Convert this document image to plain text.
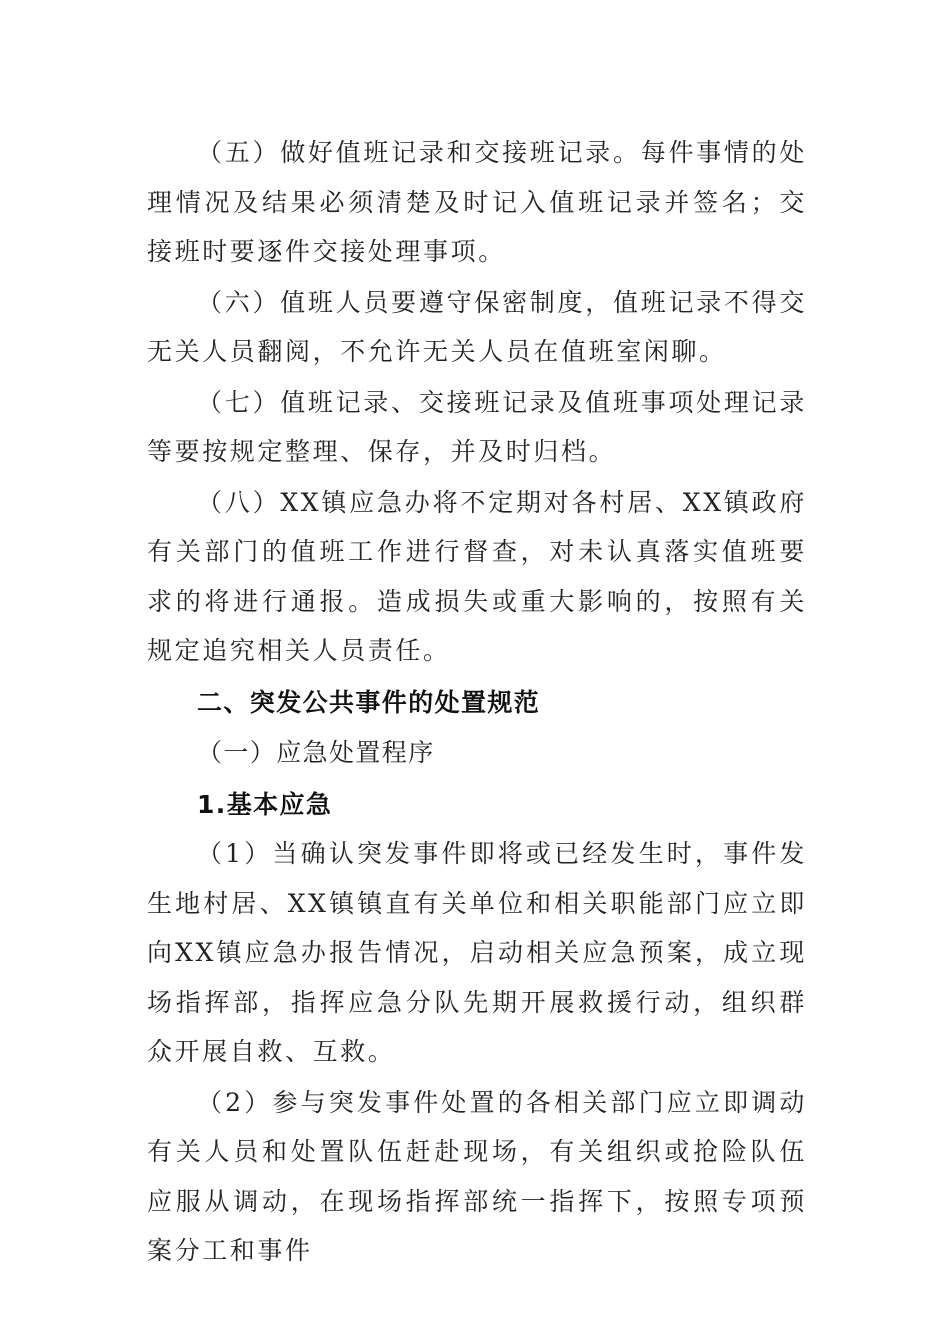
（五）做好值班记录和交接班记录。每件事情的处理情况及结果必须清楚及时记入值班记录并签名；交接班时要逐件交接处理事项。

（六）值班人员要遵守保密制度，值班记录不得交无关人员翻阅，不允许无关人员在值班室闲聊。

（七）值班记录、交接班记录及值班事项处理记录等要按规定整理、保存，并及时归档。

（八）XX镇应急办将不定期对各村居、XX镇政府有关部门的值班工作进行督查，对未认真落实值班要求的将进行通报。造成损失或重大影响的，按照有关规定追究相关人员责任。

二、突发公共事件的处置规范

（一）应急处置程序

1.基本应急

（1）当确认突发事件即将或已经发生时，事件发生地村居、XX镇镇直有关单位和相关职能部门应立即向XX镇应急办报告情况，启动相关应急预案，成立现场指挥部，指挥应急分队先期开展救援行动，组织群众开展自救、互救。

（2）参与突发事件处置的各相关部门应立即调动有关人员和处置队伍赶赴现场，有关组织或抢险队伍应服从调动，在现场指挥部统一指挥下，按照专项预案分工和事件
